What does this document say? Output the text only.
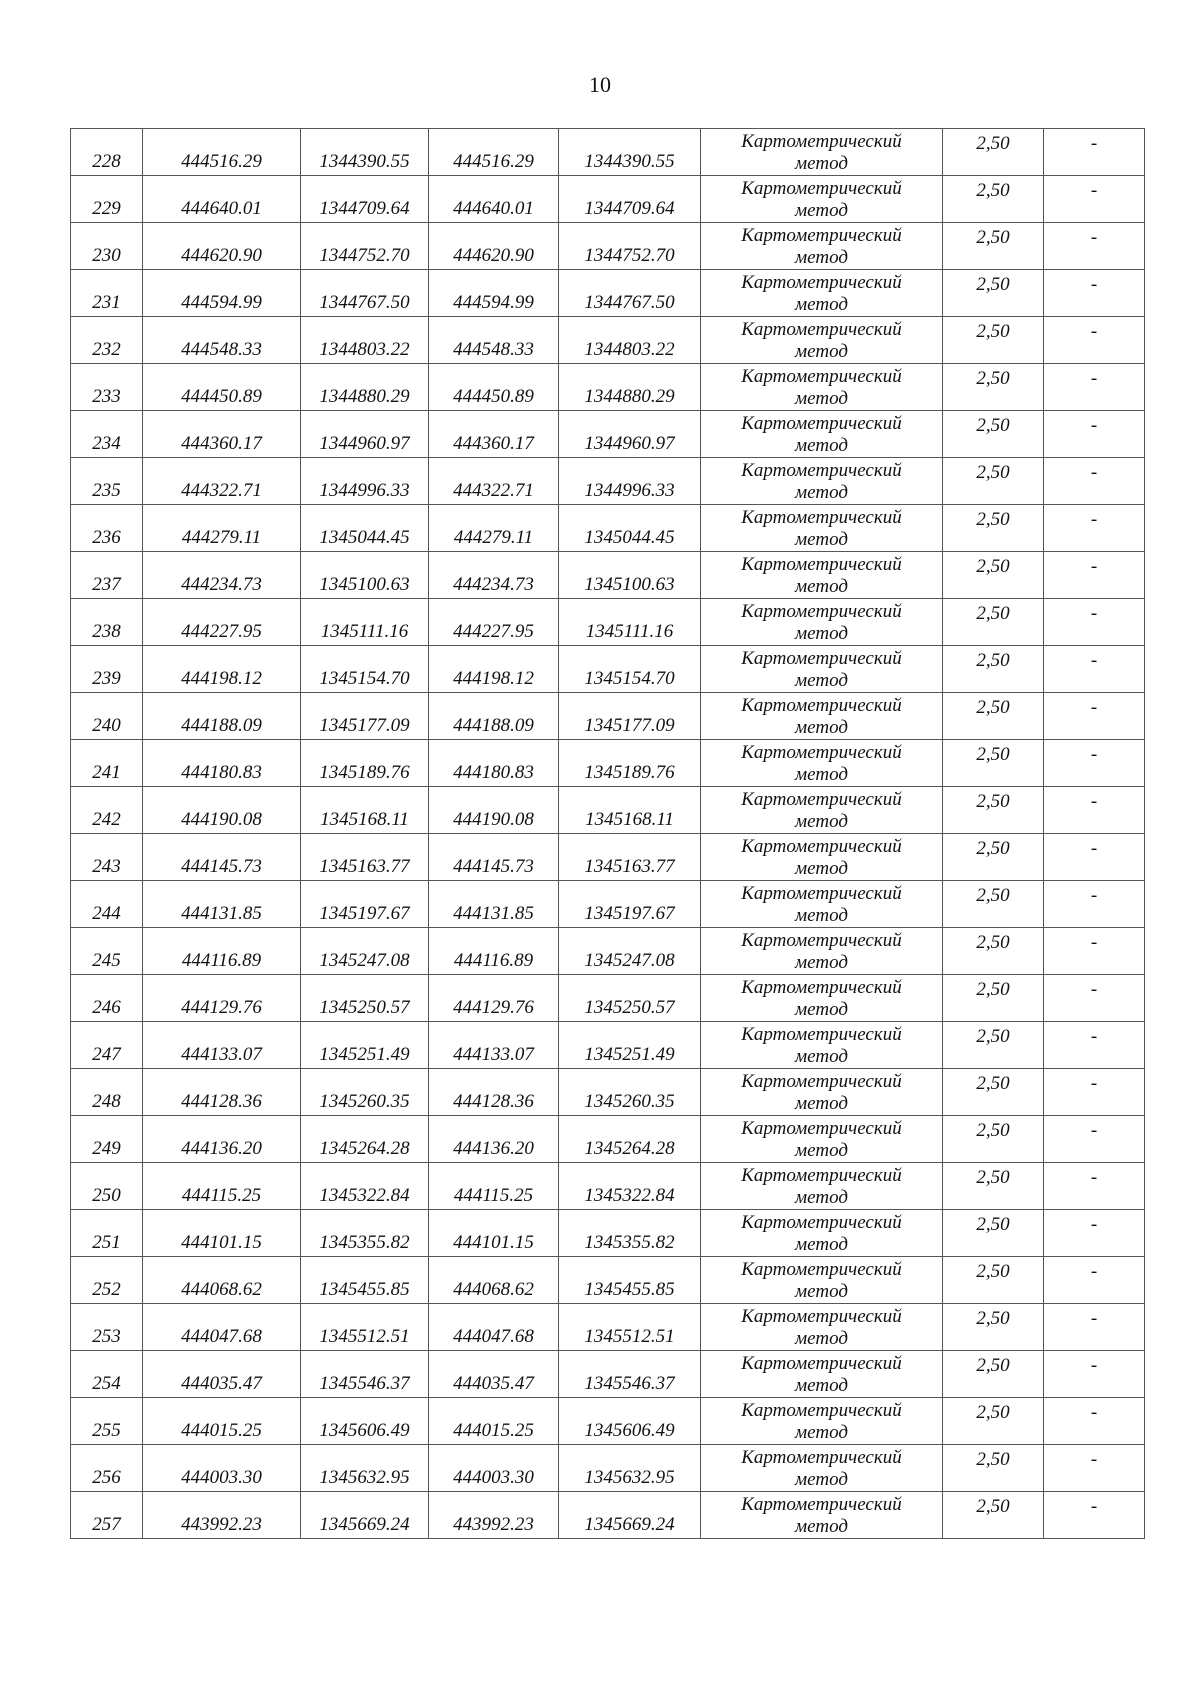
10
228	444516.29	1344390.55	444516.29	1344390.55	Картометрический
метод	2,50	-

229	444640.01	1344709.64	444640.01	1344709.64	Картометрический
метод	2,50	-

230	444620.90	1344752.70	444620.90	1344752.70	Картометрический
метод	2,50	-

231	444594.99	1344767.50	444594.99	1344767.50	Картометрический
метод	2,50	-

232	444548.33	1344803.22	444548.33	1344803.22	Картометрический
метод	2,50	-

233	444450.89	1344880.29	444450.89	1344880.29	Картометрический
метод	2,50	-

234	444360.17	1344960.97	444360.17	1344960.97	Картометрический
метод	2,50	-

235	444322.71	1344996.33	444322.71	1344996.33	Картометрический
метод	2,50	-

236	444279.11	1345044.45	444279.11	1345044.45	Картометрический
метод	2,50	-

237	444234.73	1345100.63	444234.73	1345100.63	Картометрический
метод	2,50	-

238	444227.95	1345111.16	444227.95	1345111.16	Картометрический
метод	2,50	-

239	444198.12	1345154.70	444198.12	1345154.70	Картометрический
метод	2,50	-

240	444188.09	1345177.09	444188.09	1345177.09	Картометрический
метод	2,50	-

241	444180.83	1345189.76	444180.83	1345189.76	Картометрический
метод	2,50	-

242	444190.08	1345168.11	444190.08	1345168.11	Картометрический
метод	2,50	-

243	444145.73	1345163.77	444145.73	1345163.77	Картометрический
метод	2,50	-

244	444131.85	1345197.67	444131.85	1345197.67	Картометрический
метод	2,50	-

245	444116.89	1345247.08	444116.89	1345247.08	Картометрический
метод	2,50	-

246	444129.76	1345250.57	444129.76	1345250.57	Картометрический
метод	2,50	-

247	444133.07	1345251.49	444133.07	1345251.49	Картометрический
метод	2,50	-

248	444128.36	1345260.35	444128.36	1345260.35	Картометрический
метод	2,50	-

249	444136.20	1345264.28	444136.20	1345264.28	Картометрический
метод	2,50	-

250	444115.25	1345322.84	444115.25	1345322.84	Картометрический
метод	2,50	-

251	444101.15	1345355.82	444101.15	1345355.82	Картометрический
метод	2,50	-

252	444068.62	1345455.85	444068.62	1345455.85	Картометрический
метод	2,50	-

253	444047.68	1345512.51	444047.68	1345512.51	Картометрический
метод	2,50	-

254	444035.47	1345546.37	444035.47	1345546.37	Картометрический
метод	2,50	-

255	444015.25	1345606.49	444015.25	1345606.49	Картометрический
метод	2,50	-

256	444003.30	1345632.95	444003.30	1345632.95	Картометрический
метод	2,50	-

257	443992.23	1345669.24	443992.23	1345669.24	Картометрический
метод	2,50	-
